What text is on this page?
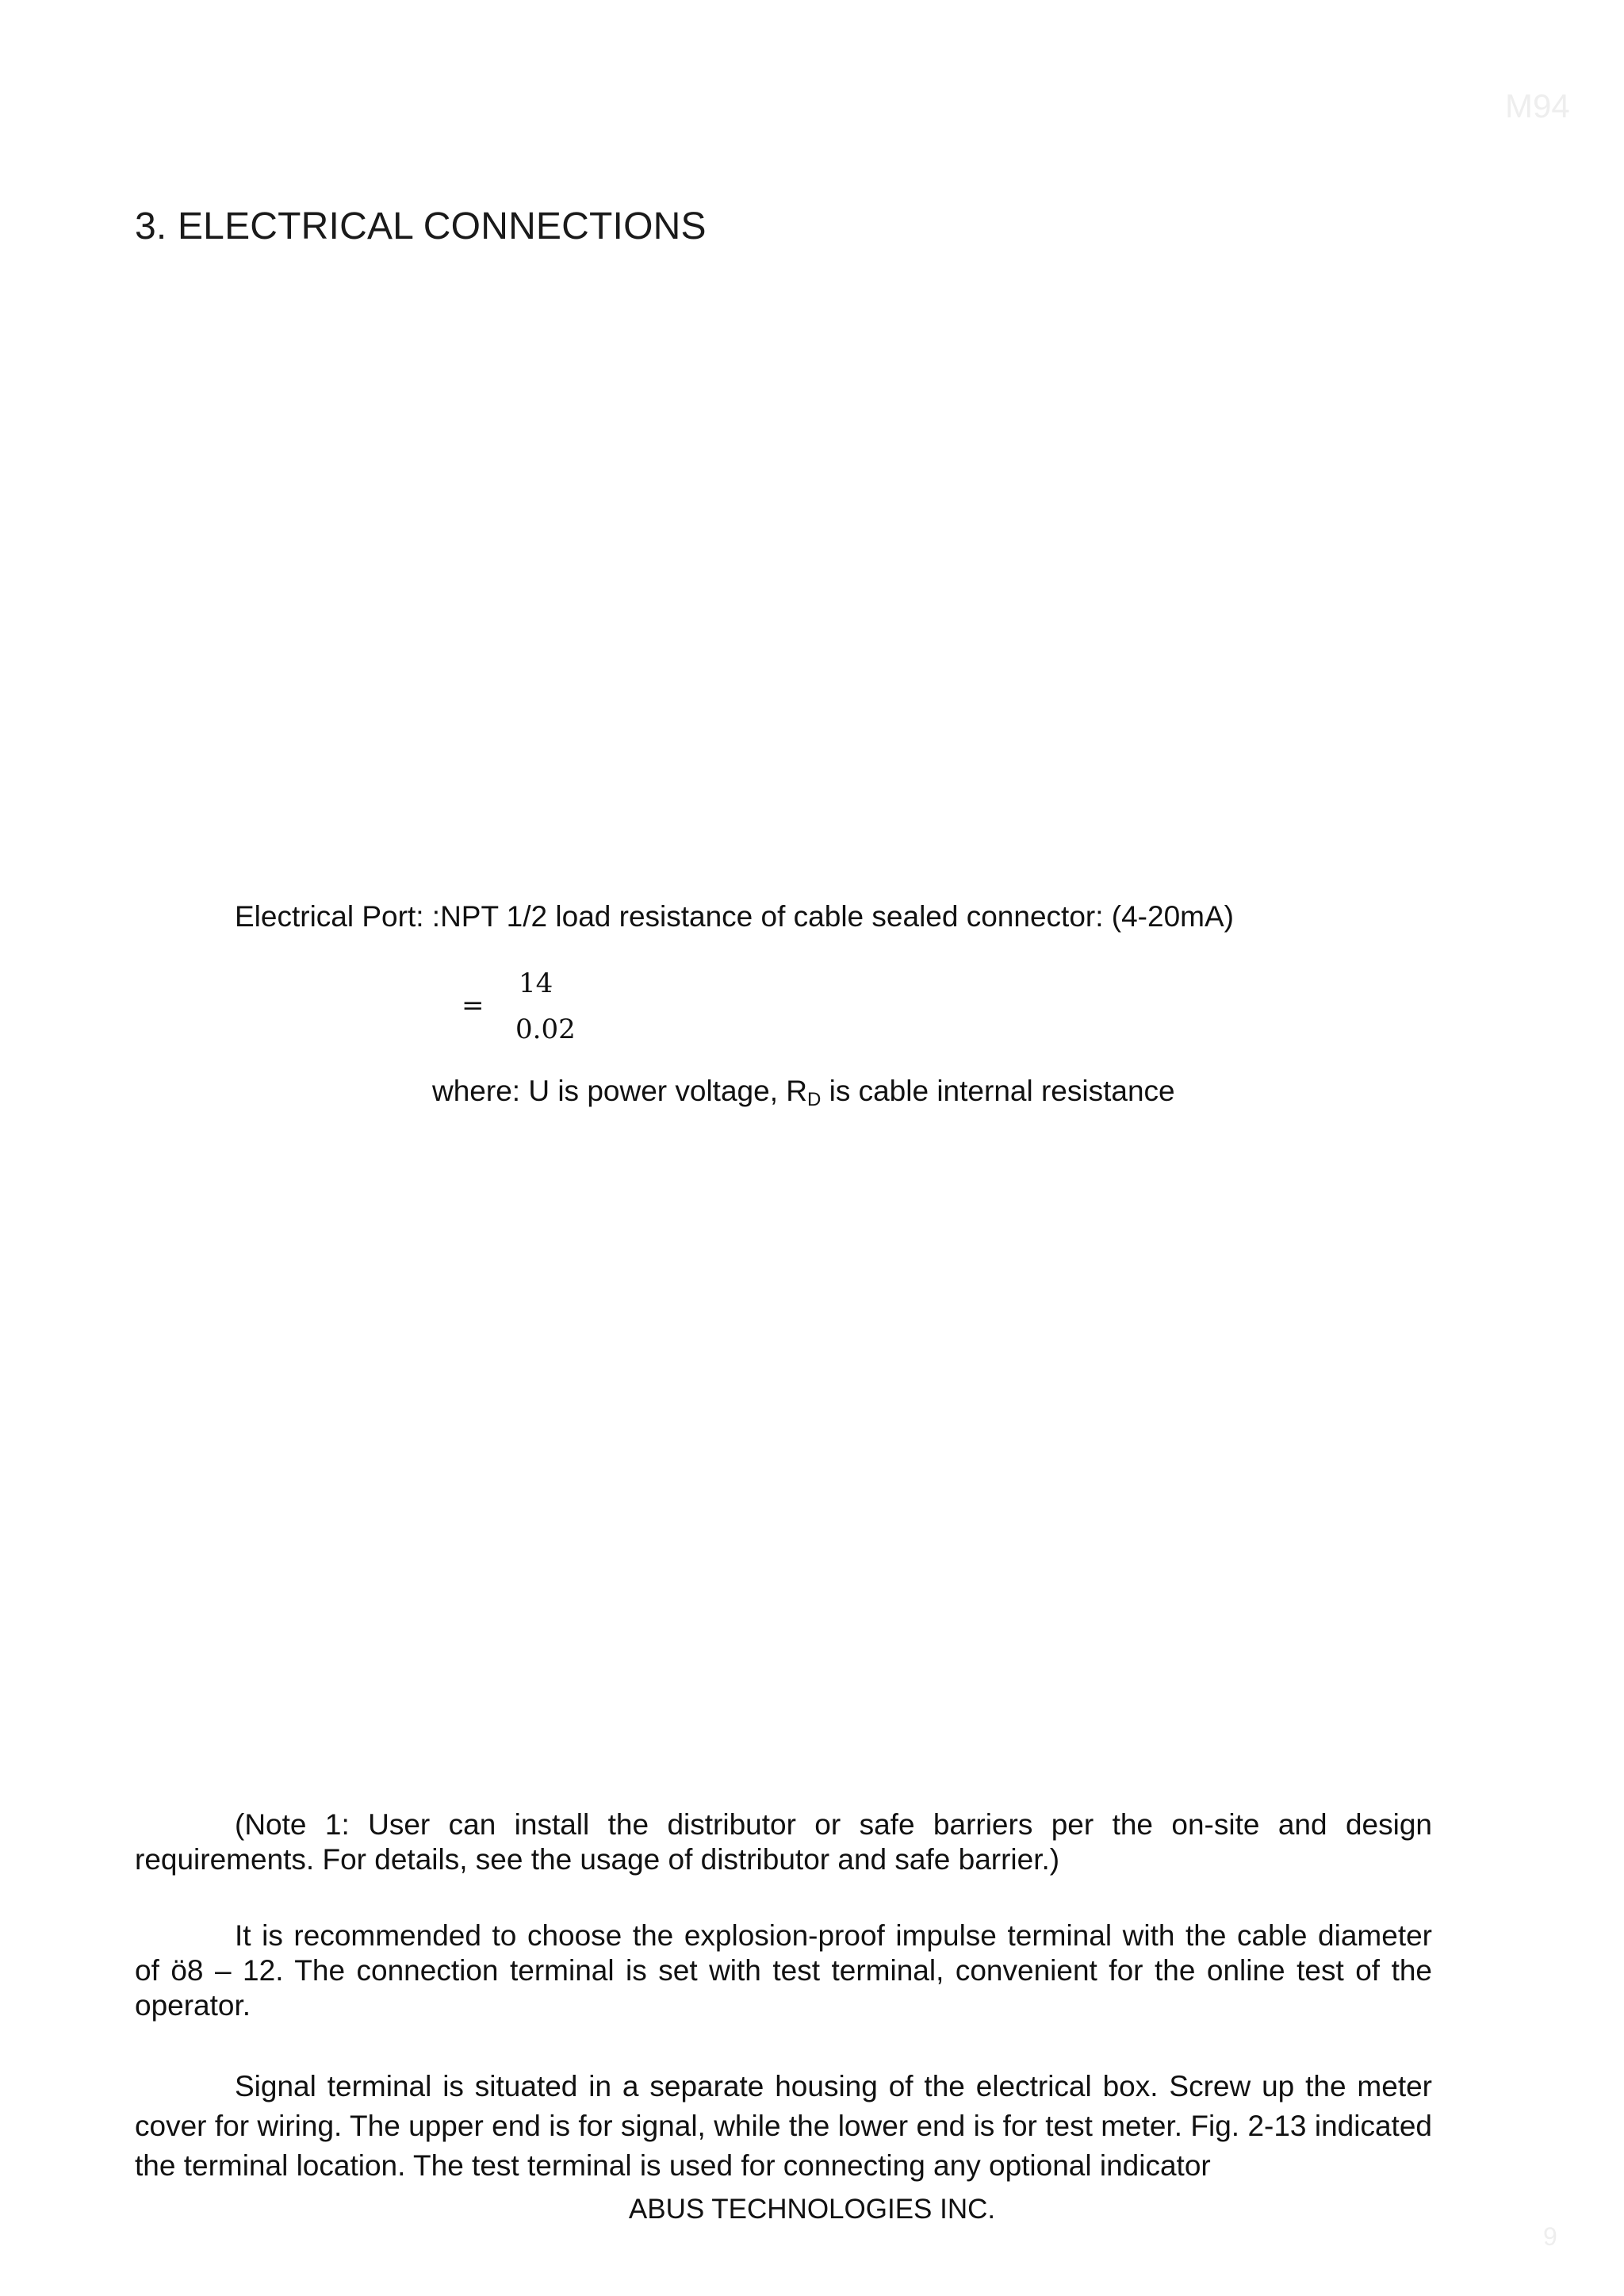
M94
3. ELECTRICAL CONNECTIONS
Electrical Port: :NPT 1/2 load resistance of cable sealed connector: (4-20mA)
=
14
0.02
where: U is power voltage, $R_D$ is cable internal resistance
(Note 1: User can install the distributor or safe barriers per the on-site and design requirements. For details, see the usage of distributor and safe barrier.)
It is recommended to choose the explosion-proof impulse terminal with the cable diameter of ö8 – 12. The connection terminal is set with test terminal, convenient for the online test of the operator.
Signal terminal is situated in a separate housing of the electrical box. Screw up the meter cover for wiring. The upper end is for signal, while the lower end is for test meter. Fig. 2-13 indicated the terminal location. The test terminal is used for connecting any optional indicator
ABUS TECHNOLOGIES INC.
9
